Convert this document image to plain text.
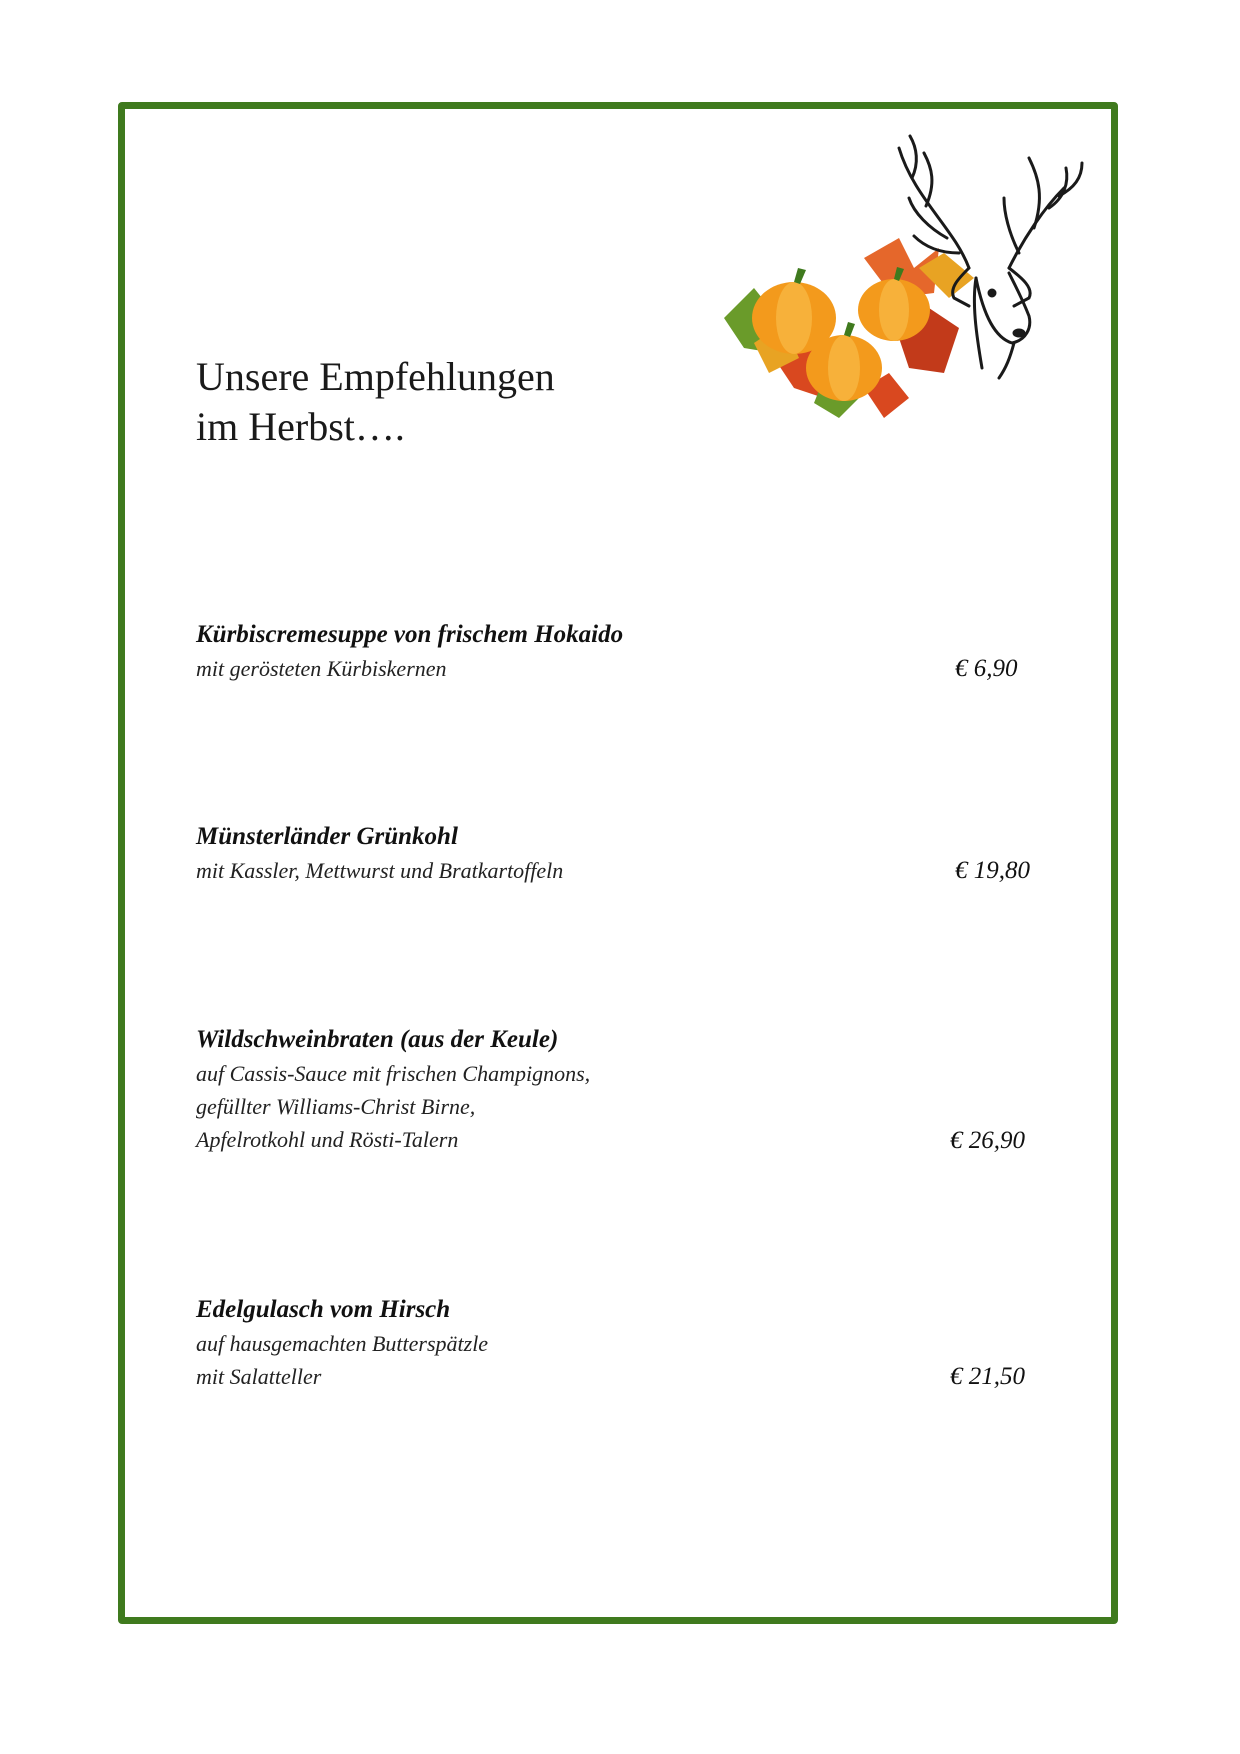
Unsere Empfehlungen
im Herbst….

Kürbiscremesuppe von frischem Hokaido

mit gerösteten Kürbiskernen	€ 6,90

Münsterländer Grünkohl

mit Kassler, Mettwurst und Bratkartoffeln	€ 19,80

Wildschweinbraten (aus der Keule)

auf Cassis-Sauce mit frischen Champignons,

gefüllter Williams-Christ Birne,

Apfelrotkohl und Rösti-Talern	€ 26,90

Edelgulasch vom Hirsch

auf hausgemachten Butterspätzle

mit Salatteller	€ 21,50
